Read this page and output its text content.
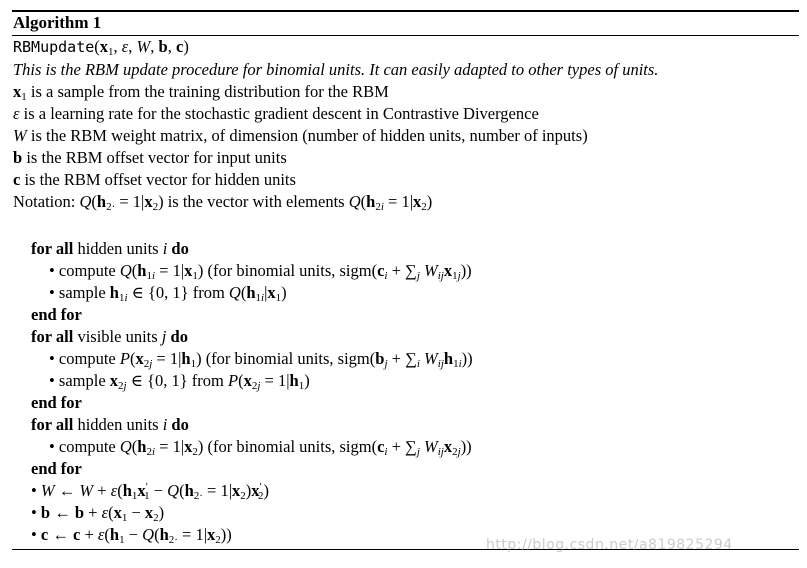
Algorithm 1
$RBMupdate(x_1$, ε, W, b, c)
This is the RBM update procedure for binomial units. It can easily adapted to other types of units.
$x_1$ is a sample from the training distribution for the RBM
ε is a learning rate for the stochastic gradient descent in Contrastive Divergence
W is the RBM weight matrix, of dimension (number of hidden units, number of inputs)
b is the RBM offset vector for input units
c is the RBM offset vector for hidden units
Notation: $Q(h_{2\cdot} = 1|x_2)$ is the vector with elements $Q(h_{2i} = 1|x_2)$
for all hidden units i do
• compute $Q(h_{1i} = 1|x_1)$ (for binomial units, $sigm(c_i + \sum_j$ $W_{ij}x_{1j}$))
• sample $h_{1i}$ ∈ {0, 1} from $Q(h_{1i}|x_1)$
end for
for all visible units j do
• compute $P(x_{2j} = 1|h_1)$ (for binomial units, $sigm(b_j + \sum_i$ $W_{ij}h_{1i}$))
• sample $x_{2j}$ ∈ {0, 1} from $P(x_{2j} = 1|h_1)$
end for
for all hidden units i do
• compute $Q(h_{2i} = 1|x_2)$ (for binomial units, $sigm(c_i + \sum_j$ $W_{ij}x_{2j}$))
end for
• W ← $W + \varepsilon(h_1x'_1 - Q(h_{2\cdot} = 1|x_2)x'_2)$
• b ← $b + \varepsilon(x_1 - x_2)$
• c ← $c + \varepsilon(h_1 - Q(h_{2\cdot} = 1|x_2))$
http://blog.csdn.net/a819825294
